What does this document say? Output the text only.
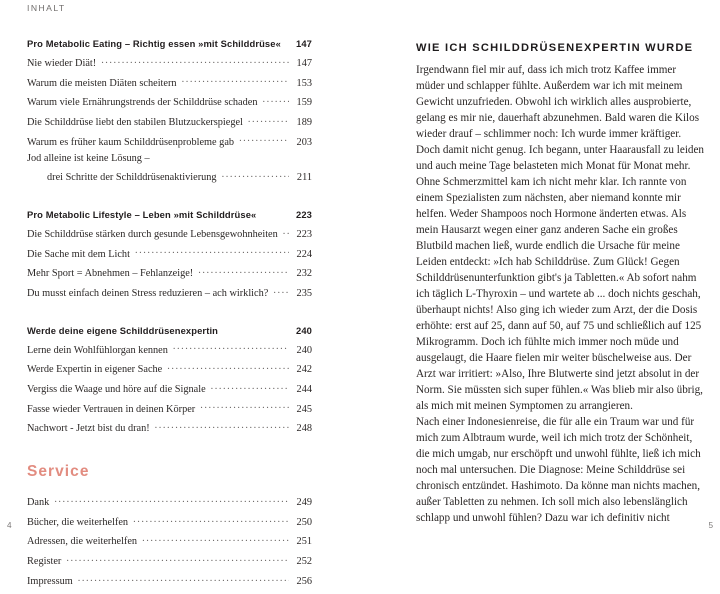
INHALT
Pro Metabolic Eating – Richtig essen »mit Schilddrüse« 147
Nie wieder Diät! .....	147
Warum die meisten Diäten scheitern .....	153
Warum viele Ernährungstrends der Schilddrüse schaden .....	159
Die Schilddrüse liebt den stabilen Blutzuckerspiegel .....	189
Warum es früher kaum Schilddrüsenprobleme gab .....	203
Jod alleine ist keine Lösung –
drei Schritte der Schilddrüsenaktivierung .....	211
Pro Metabolic Lifestyle – Leben »mit Schilddrüse«	223
Die Schilddrüse stärken durch gesunde Lebensgewohnheiten .....	223
Die Sache mit dem Licht .....	224
Mehr Sport = Abnehmen – Fehlanzeige! .....	232
Du musst einfach deinen Stress reduzieren – ach wirklich? .....	235
Werde deine eigene Schilddrüsenexpertin	240
Lerne dein Wohlfühlorgan kennen .....	240
Werde Expertin in eigener Sache .....	242
Vergiss die Waage und höre auf die Signale .....	244
Fasse wieder Vertrauen in deinen Körper .....	245
Nachwort - Jetzt bist du dran! .....	248
Service
Dank .....	249
Bücher, die weiterhelfen .....	250
Adressen, die weiterhelfen .....	251
Register .....	252
Impressum .....	256
4
WIE ICH SCHILDDRÜSENEXPERTIN WURDE

Irgendwann fiel mir auf, dass ich mich trotz Kaffee immer müder und schlapper fühlte. Außerdem war ich mit meinem Gewicht unzufrieden. Obwohl ich wirklich alles ausprobierte, gelang es mir nie, dauerhaft abzunehmen. Bald waren die Kilos wieder drauf – schlimmer noch: Ich wurde immer kräftiger. Doch damit nicht genug. Ich begann, unter Haarausfall zu leiden und auch meine Tage belasteten mich Monat für Monat mehr. Ohne Schmerzmittel kam ich nicht mehr klar. Ich rannte von einem Spezialisten zum nächsten, aber niemand konnte mir helfen. Weder Shampoos noch Hormone änderten etwas. Als mein Hausarzt wegen einer ganz anderen Sache ein großes Blutbild machen ließ, wurde endlich die Ursache für meine Leiden entdeckt: »Ich hab Schilddrüse. Zum Glück! Gegen Schilddrüsenunterfunktion gibt's ja Tabletten.« Ab sofort nahm ich täglich L-Thyroxin – und wartete ab ... doch nichts geschah, überhaupt nichts! Also ging ich wieder zum Arzt, der die Dosis erhöhte: erst auf 25, dann auf 50, auf 75 und schließlich auf 125 Mikrogramm. Doch ich fühlte mich immer noch müde und ausgelaugt, die Haare fielen mir weiter büschelweise aus. Der Arzt war irritiert: »Also, Ihre Blutwerte sind jetzt absolut in der Norm. Sie müssten sich super fühlen.« Was blieb mir also übrig, als mich mit meinen Symptomen zu arrangieren.

Nach einer Indonesienreise, die für alle ein Traum war und für mich zum Albtraum wurde, weil ich mich trotz der Schönheit, die mich umgab, nur erschöpft und unwohl fühlte, ließ ich mich noch mal untersuchen. Die Diagnose: Meine Schilddrüse sei chronisch entzündet. Hashimoto. Da könne man nichts machen, außer Tabletten zu nehmen. Ich soll mich also lebenslänglich schlapp und unwohl fühlen? Dazu war ich definitiv nicht

5
